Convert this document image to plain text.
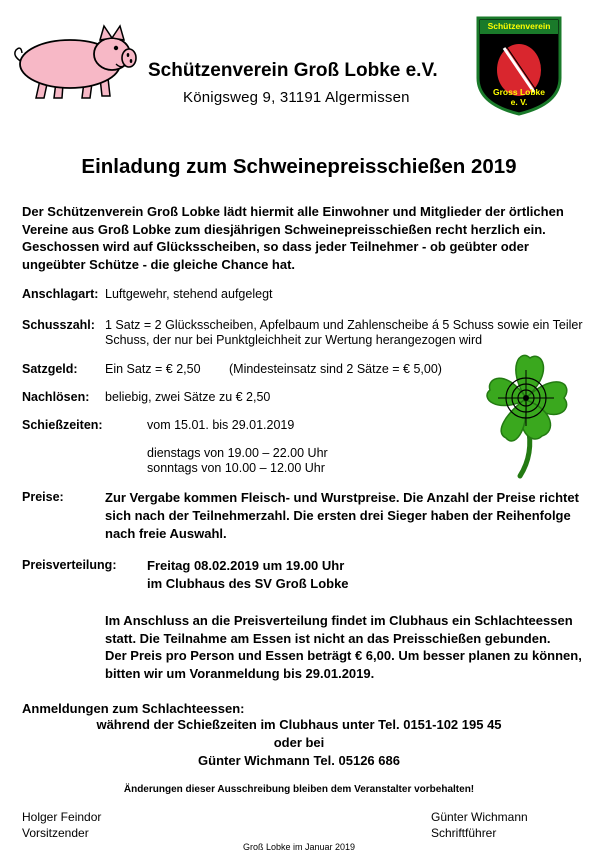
Schützenverein Groß Lobke e.V.
Königsweg 9, 31191 Algermissen
Schützenverein
Gross Lobke
e. V.
Einladung zum Schweinepreisschießen 2019
Der Schützenverein Groß Lobke lädt hiermit alle Einwohner und Mitglieder der örtlichen
Vereine aus Groß Lobke zum diesjährigen Schweinepreisschießen recht herzlich ein.
Geschossen wird auf Glücksscheiben, so dass jeder Teilnehmer - ob geübter oder
ungeübter Schütze - die gleiche Chance hat.
Anschlagart: Luftgewehr, stehend aufgelegt
Schusszahl: 1 Satz = 2 Glücksscheiben, Apfelbaum und Zahlenscheibe á 5 Schuss sowie ein Teiler
Schuss, der nur bei Punktgleichheit zur Wertung herangezogen wird
Satzgeld: Ein Satz = € 2,50 (Mindesteinsatz sind 2 Sätze = € 5,00)
Nachlösen: beliebig, zwei Sätze zu € 2,50
Schießzeiten:	vom 15.01. bis 29.01.2019
dienstags von 19.00 – 22.00 Uhr
sonntags von 10.00 – 12.00 Uhr
Preise:	Zur Vergabe kommen Fleisch- und Wurstpreise. Die Anzahl der Preise richtet
sich nach der Teilnehmerzahl. Die ersten drei Sieger haben der Reihenfolge
nach freie Auswahl.
Preisverteilung: Freitag 08.02.2019 um 19.00 Uhr
im Clubhaus des SV Groß Lobke
Im Anschluss an die Preisverteilung findet im Clubhaus ein Schlachteessen
statt. Die Teilnahme am Essen ist nicht an das Preisschießen gebunden.
Der Preis pro Person und Essen beträgt € 6,00. Um besser planen zu können,
bitten wir um Voranmeldung bis 29.01.2019.
Anmeldungen zum Schlachteessen:
während der Schießzeiten im Clubhaus unter Tel. 0151-102 195 45
oder bei
Günter Wichmann Tel. 05126 686
Änderungen dieser Ausschreibung bleiben dem Veranstalter vorbehalten!
Holger Feindor
Vorsitzender
Günter Wichmann
Schriftführer
Groß Lobke im Januar 2019
